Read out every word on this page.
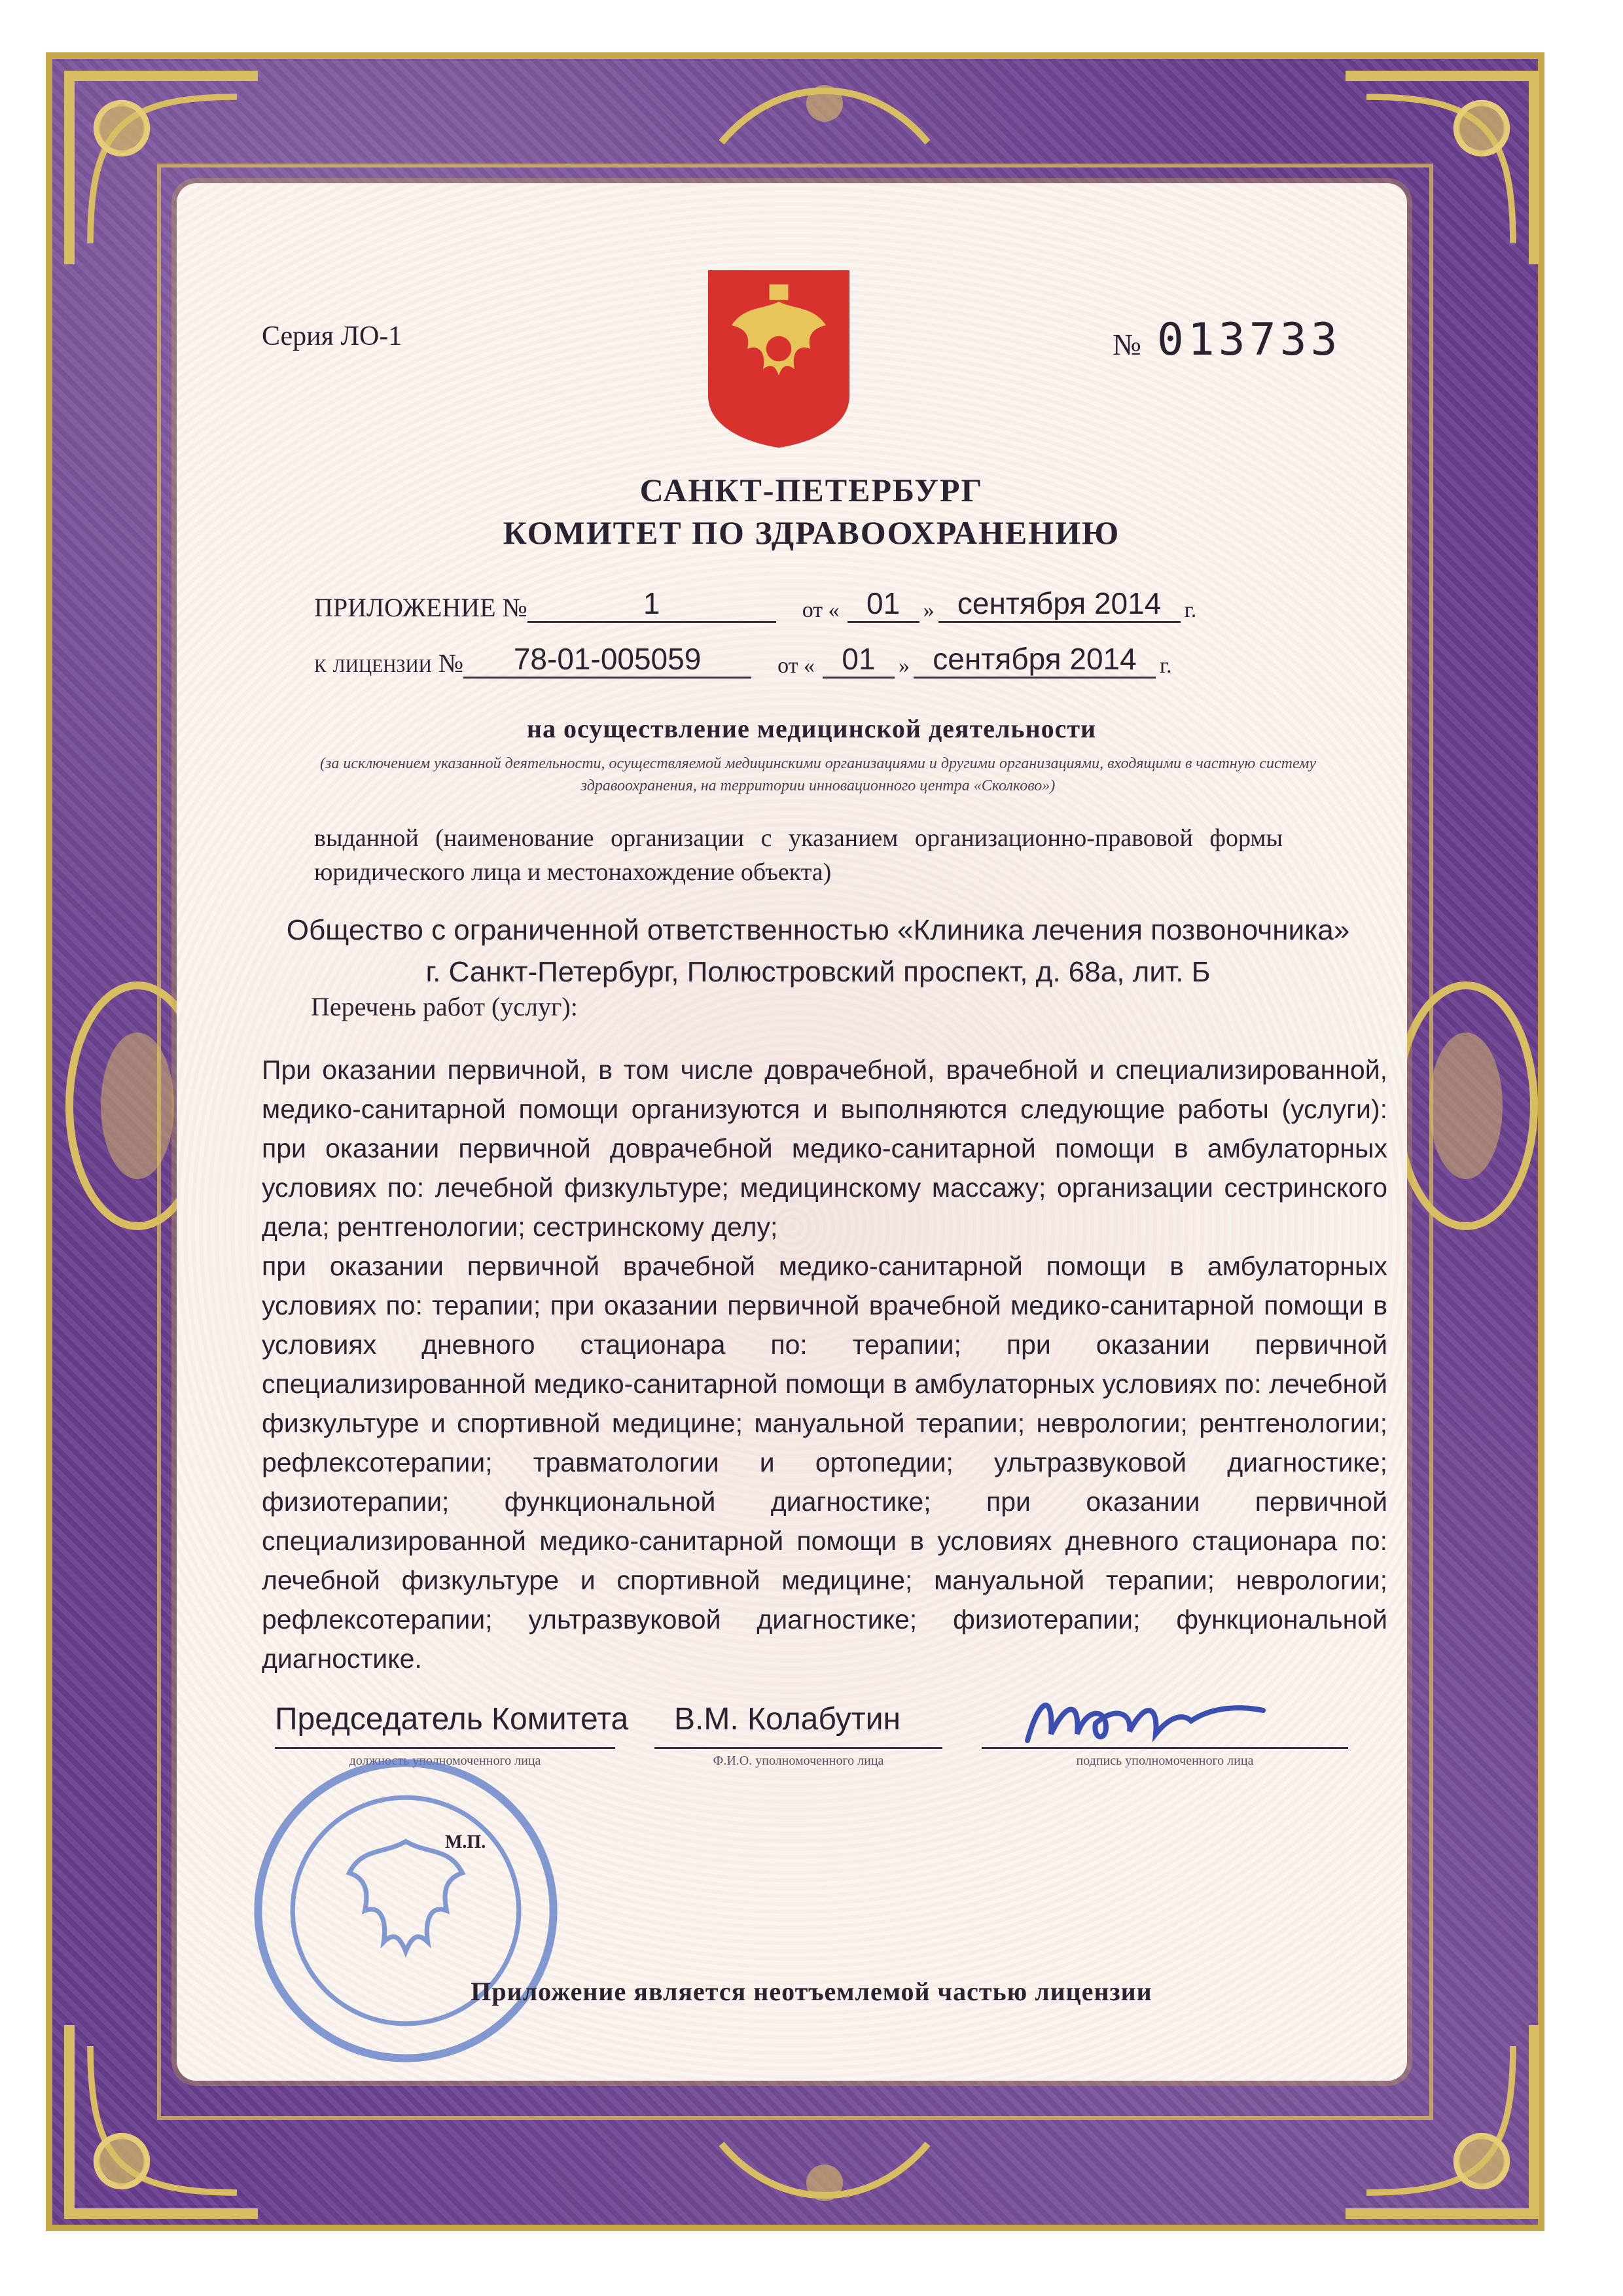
Серия ЛО-1	№ 013733
САНКТ-ПЕТЕРБУРГ
КОМИТЕТ ПО ЗДРАВООХРАНЕНИЮ
ПРИЛОЖЕНИЕ №	1	от « 01	» сентября 2014	г.
к лицензии №	78-01-005059	от « 01	» сентября 2014	г.
на осуществление медицинской деятельности
(за исключением указанной деятельности, осуществляемой медицинскими организациями и другими организациями, входящими в частную систему здравоохранения, на территории инновационного центра «Сколково»)
выданной (наименование организации с указанием организационно-правовой формы юридического лица и местонахождение объекта)
Общество с ограниченной ответственностью «Клиника лечения позвоночника»
г. Санкт-Петербург, Полюстровский проспект, д. 68а, лит. Б
Перечень работ (услуг):

При оказании первичной, в том числе доврачебной, врачебной и специализированной, медико-санитарной помощи организуются и выполняются следующие работы (услуги): при оказании первичной доврачебной медико-санитарной помощи в амбулаторных условиях по: лечебной физкультуре; медицинскому массажу; организации сестринского дела; рентгенологии; сестринскому делу;

при оказании первичной врачебной медико-санитарной помощи в амбулаторных условиях по: терапии; при оказании первичной врачебной медико-санитарной помощи в условиях дневного стационара по: терапии; при оказании первичной специализированной медико-санитарной помощи в амбулаторных условиях по: лечебной физкультуре и спортивной медицине; мануальной терапии; неврологии; рентгенологии; рефлексотерапии; травматологии и ортопедии; ультразвуковой диагностике; физиотерапии; функциональной диагностике; при оказании первичной специализированной медико-санитарной помощи в условиях дневного стационара по: лечебной физкультуре и спортивной медицине; мануальной терапии; неврологии; рефлексотерапии; ультразвуковой диагностике; физиотерапии; функциональной диагностике.

Председатель Комитета
должность уполномоченного лица
В.М. Колабутин
Ф.И.О. уполномоченного лица	подпись уполномоченного лица
М.П.
Приложение является неотъемлемой частью лицензии
